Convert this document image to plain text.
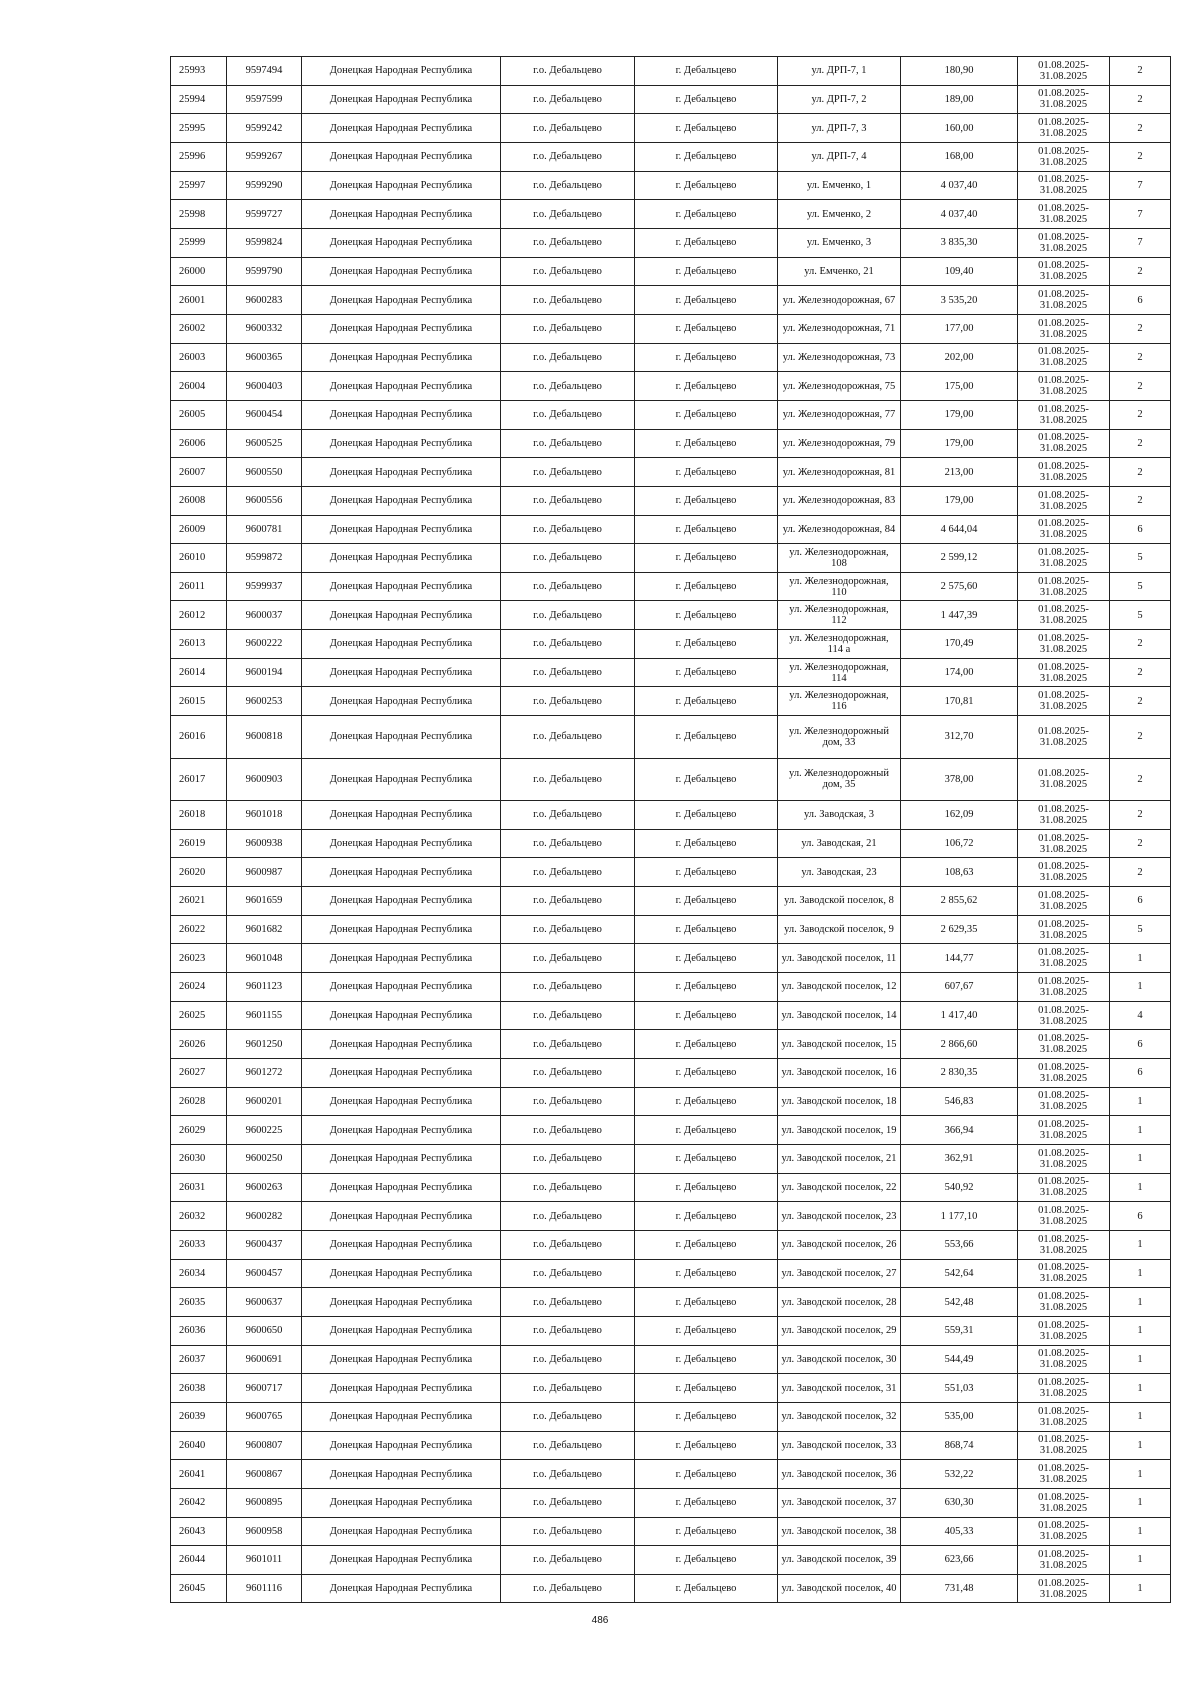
25993	9597494	Донецкая Народная Республика	г.о. Дебальцево	г. Дебальцево	ул. ДРП-7, 1	180,90	01.08.2025-31.08.2025	2
25994	9597599	Донецкая Народная Республика	г.о. Дебальцево	г. Дебальцево	ул. ДРП-7, 2	189,00	01.08.2025-31.08.2025	2
25995	9599242	Донецкая Народная Республика	г.о. Дебальцево	г. Дебальцево	ул. ДРП-7, 3	160,00	01.08.2025-31.08.2025	2
25996	9599267	Донецкая Народная Республика	г.о. Дебальцево	г. Дебальцево	ул. ДРП-7, 4	168,00	01.08.2025-31.08.2025	2
25997	9599290	Донецкая Народная Республика	г.о. Дебальцево	г. Дебальцево	ул. Емченко, 1	4 037,40	01.08.2025-31.08.2025	7
25998	9599727	Донецкая Народная Республика	г.о. Дебальцево	г. Дебальцево	ул. Емченко, 2	4 037,40	01.08.2025-31.08.2025	7
25999	9599824	Донецкая Народная Республика	г.о. Дебальцево	г. Дебальцево	ул. Емченко, 3	3 835,30	01.08.2025-31.08.2025	7
26000	9599790	Донецкая Народная Республика	г.о. Дебальцево	г. Дебальцево	ул. Емченко, 21	109,40	01.08.2025-31.08.2025	2
26001	9600283	Донецкая Народная Республика	г.о. Дебальцево	г. Дебальцево	ул. Железнодорожная, 67	3 535,20	01.08.2025-31.08.2025	6
26002	9600332	Донецкая Народная Республика	г.о. Дебальцево	г. Дебальцево	ул. Железнодорожная, 71	177,00	01.08.2025-31.08.2025	2
26003	9600365	Донецкая Народная Республика	г.о. Дебальцево	г. Дебальцево	ул. Железнодорожная, 73	202,00	01.08.2025-31.08.2025	2
26004	9600403	Донецкая Народная Республика	г.о. Дебальцево	г. Дебальцево	ул. Железнодорожная, 75	175,00	01.08.2025-31.08.2025	2
26005	9600454	Донецкая Народная Республика	г.о. Дебальцево	г. Дебальцево	ул. Железнодорожная, 77	179,00	01.08.2025-31.08.2025	2
26006	9600525	Донецкая Народная Республика	г.о. Дебальцево	г. Дебальцево	ул. Железнодорожная, 79	179,00	01.08.2025-31.08.2025	2
26007	9600550	Донецкая Народная Республика	г.о. Дебальцево	г. Дебальцево	ул. Железнодорожная, 81	213,00	01.08.2025-31.08.2025	2
26008	9600556	Донецкая Народная Республика	г.о. Дебальцево	г. Дебальцево	ул. Железнодорожная, 83	179,00	01.08.2025-31.08.2025	2
26009	9600781	Донецкая Народная Республика	г.о. Дебальцево	г. Дебальцево	ул. Железнодорожная, 84	4 644,04	01.08.2025-31.08.2025	6
26010	9599872	Донецкая Народная Республика	г.о. Дебальцево	г. Дебальцево	ул. Железнодорожная, 108	2 599,12	01.08.2025-31.08.2025	5
26011	9599937	Донецкая Народная Республика	г.о. Дебальцево	г. Дебальцево	ул. Железнодорожная, 110	2 575,60	01.08.2025-31.08.2025	5
26012	9600037	Донецкая Народная Республика	г.о. Дебальцево	г. Дебальцево	ул. Железнодорожная, 112	1 447,39	01.08.2025-31.08.2025	5
26013	9600222	Донецкая Народная Республика	г.о. Дебальцево	г. Дебальцево	ул. Железнодорожная, 114 а	170,49	01.08.2025-31.08.2025	2
26014	9600194	Донецкая Народная Республика	г.о. Дебальцево	г. Дебальцево	ул. Железнодорожная, 114	174,00	01.08.2025-31.08.2025	2
26015	9600253	Донецкая Народная Республика	г.о. Дебальцево	г. Дебальцево	ул. Железнодорожная, 116	170,81	01.08.2025-31.08.2025	2
26016	9600818	Донецкая Народная Республика	г.о. Дебальцево	г. Дебальцево	ул. Железнодорожный дом, 33	312,70	01.08.2025-31.08.2025	2
26017	9600903	Донецкая Народная Республика	г.о. Дебальцево	г. Дебальцево	ул. Железнодорожный дом, 35	378,00	01.08.2025-31.08.2025	2
26018	9601018	Донецкая Народная Республика	г.о. Дебальцево	г. Дебальцево	ул. Заводская, 3	162,09	01.08.2025-31.08.2025	2
26019	9600938	Донецкая Народная Республика	г.о. Дебальцево	г. Дебальцево	ул. Заводская, 21	106,72	01.08.2025-31.08.2025	2
26020	9600987	Донецкая Народная Республика	г.о. Дебальцево	г. Дебальцево	ул. Заводская, 23	108,63	01.08.2025-31.08.2025	2
26021	9601659	Донецкая Народная Республика	г.о. Дебальцево	г. Дебальцево	ул. Заводской поселок, 8	2 855,62	01.08.2025-31.08.2025	6
26022	9601682	Донецкая Народная Республика	г.о. Дебальцево	г. Дебальцево	ул. Заводской поселок, 9	2 629,35	01.08.2025-31.08.2025	5
26023	9601048	Донецкая Народная Республика	г.о. Дебальцево	г. Дебальцево	ул. Заводской поселок, 11	144,77	01.08.2025-31.08.2025	1
26024	9601123	Донецкая Народная Республика	г.о. Дебальцево	г. Дебальцево	ул. Заводской поселок, 12	607,67	01.08.2025-31.08.2025	1
26025	9601155	Донецкая Народная Республика	г.о. Дебальцево	г. Дебальцево	ул. Заводской поселок, 14	1 417,40	01.08.2025-31.08.2025	4
26026	9601250	Донецкая Народная Республика	г.о. Дебальцево	г. Дебальцево	ул. Заводской поселок, 15	2 866,60	01.08.2025-31.08.2025	6
26027	9601272	Донецкая Народная Республика	г.о. Дебальцево	г. Дебальцево	ул. Заводской поселок, 16	2 830,35	01.08.2025-31.08.2025	6
26028	9600201	Донецкая Народная Республика	г.о. Дебальцево	г. Дебальцево	ул. Заводской поселок, 18	546,83	01.08.2025-31.08.2025	1
26029	9600225	Донецкая Народная Республика	г.о. Дебальцево	г. Дебальцево	ул. Заводской поселок, 19	366,94	01.08.2025-31.08.2025	1
26030	9600250	Донецкая Народная Республика	г.о. Дебальцево	г. Дебальцево	ул. Заводской поселок, 21	362,91	01.08.2025-31.08.2025	1
26031	9600263	Донецкая Народная Республика	г.о. Дебальцево	г. Дебальцево	ул. Заводской поселок, 22	540,92	01.08.2025-31.08.2025	1
26032	9600282	Донецкая Народная Республика	г.о. Дебальцево	г. Дебальцево	ул. Заводской поселок, 23	1 177,10	01.08.2025-31.08.2025	6
26033	9600437	Донецкая Народная Республика	г.о. Дебальцево	г. Дебальцево	ул. Заводской поселок, 26	553,66	01.08.2025-31.08.2025	1
26034	9600457	Донецкая Народная Республика	г.о. Дебальцево	г. Дебальцево	ул. Заводской поселок, 27	542,64	01.08.2025-31.08.2025	1
26035	9600637	Донецкая Народная Республика	г.о. Дебальцево	г. Дебальцево	ул. Заводской поселок, 28	542,48	01.08.2025-31.08.2025	1
26036	9600650	Донецкая Народная Республика	г.о. Дебальцево	г. Дебальцево	ул. Заводской поселок, 29	559,31	01.08.2025-31.08.2025	1
26037	9600691	Донецкая Народная Республика	г.о. Дебальцево	г. Дебальцево	ул. Заводской поселок, 30	544,49	01.08.2025-31.08.2025	1
26038	9600717	Донецкая Народная Республика	г.о. Дебальцево	г. Дебальцево	ул. Заводской поселок, 31	551,03	01.08.2025-31.08.2025	1
26039	9600765	Донецкая Народная Республика	г.о. Дебальцево	г. Дебальцево	ул. Заводской поселок, 32	535,00	01.08.2025-31.08.2025	1
26040	9600807	Донецкая Народная Республика	г.о. Дебальцево	г. Дебальцево	ул. Заводской поселок, 33	868,74	01.08.2025-31.08.2025	1
26041	9600867	Донецкая Народная Республика	г.о. Дебальцево	г. Дебальцево	ул. Заводской поселок, 36	532,22	01.08.2025-31.08.2025	1
26042	9600895	Донецкая Народная Республика	г.о. Дебальцево	г. Дебальцево	ул. Заводской поселок, 37	630,30	01.08.2025-31.08.2025	1
26043	9600958	Донецкая Народная Республика	г.о. Дебальцево	г. Дебальцево	ул. Заводской поселок, 38	405,33	01.08.2025-31.08.2025	1
26044	9601011	Донецкая Народная Республика	г.о. Дебальцево	г. Дебальцево	ул. Заводской поселок, 39	623,66	01.08.2025-31.08.2025	1
26045	9601116	Донецкая Народная Республика	г.о. Дебальцево	г. Дебальцево	ул. Заводской поселок, 40	731,48	01.08.2025-31.08.2025	1
486
